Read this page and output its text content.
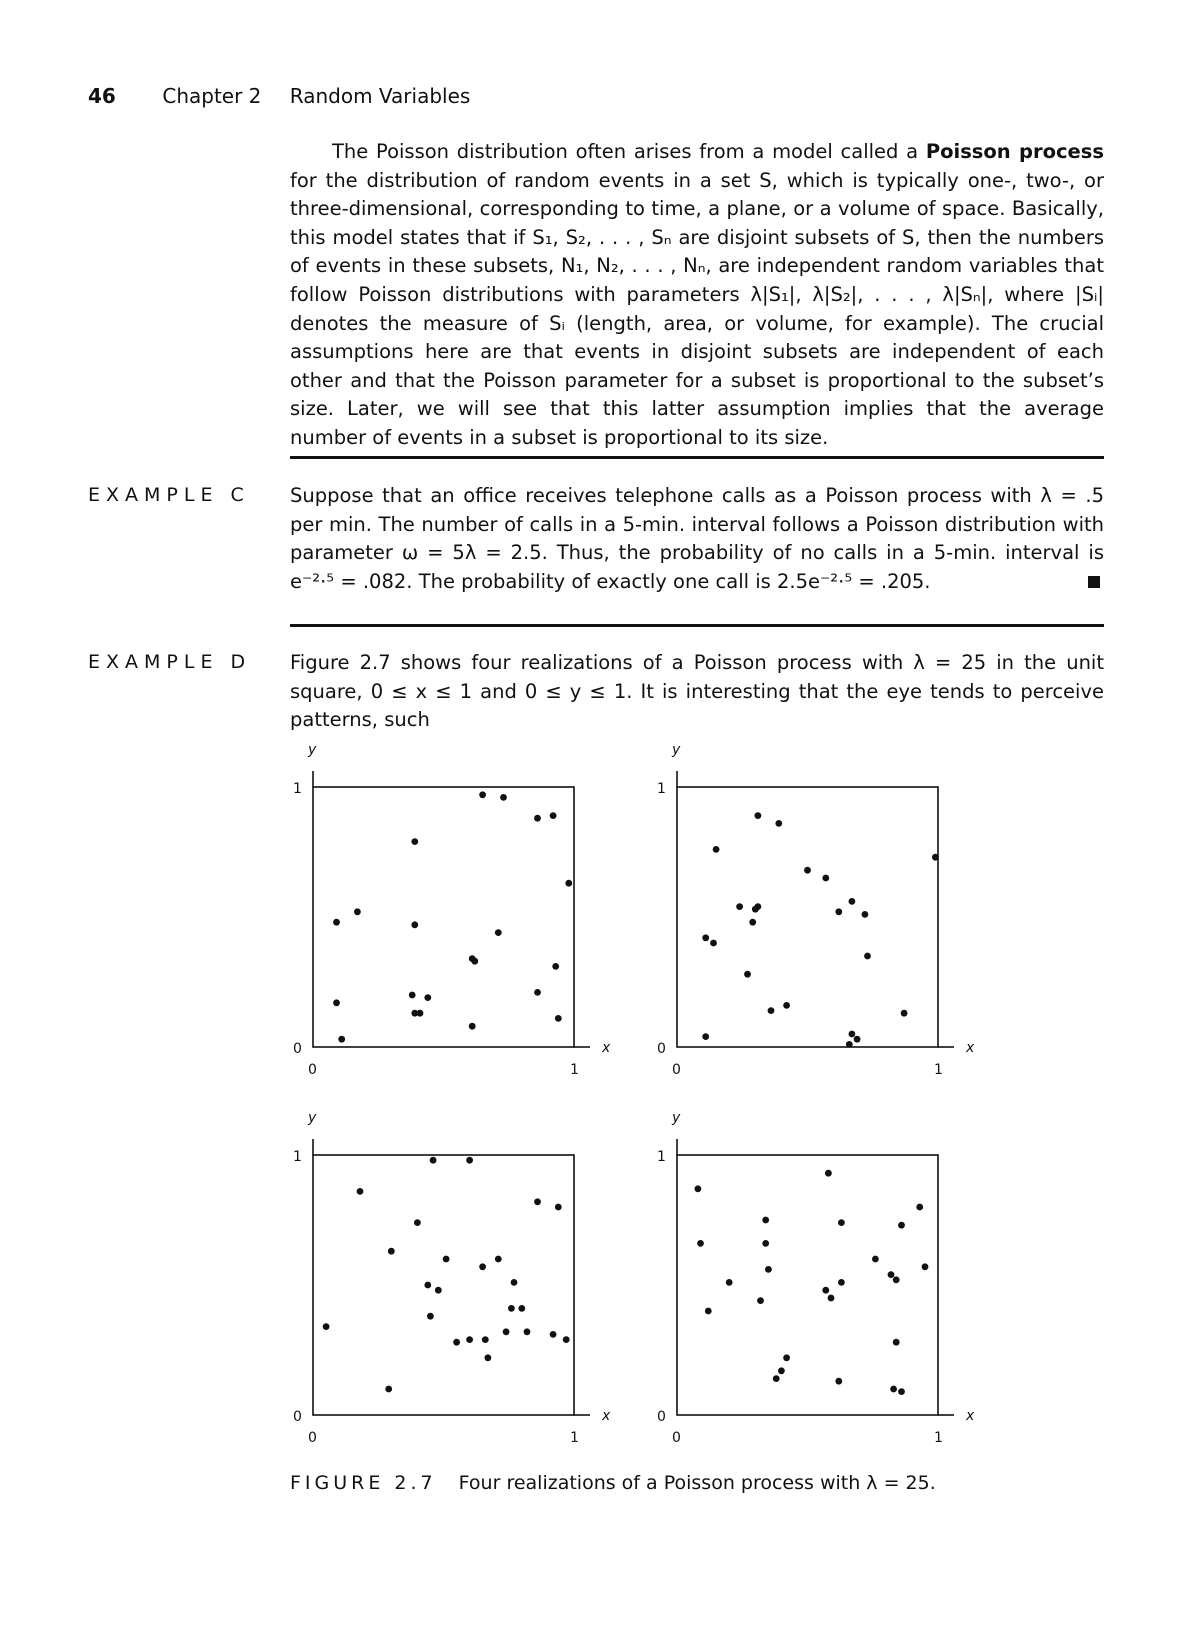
46 Chapter 2 Random Variables

The Poisson distribution often arises from a model called a Poisson process for the distribution of random events in a set S, which is typically one-, two-, or three-dimensional, corresponding to time, a plane, or a volume of space. Basically, this model states that if S₁, S₂, . . . , Sₙ are disjoint subsets of S, then the numbers of events in these subsets, N₁, N₂, . . . , Nₙ, are independent random variables that follow Poisson distributions with parameters λ|S₁|, λ|S₂|, . . . , λ|Sₙ|, where |Sᵢ| denotes the measure of Sᵢ (length, area, or volume, for example). The crucial assumptions here are that events in disjoint subsets are independent of each other and that the Poisson parameter for a subset is proportional to the subset’s size. Later, we will see that this latter assumption implies that the average number of events in a subset is proportional to its size.

EXAMPLE C Suppose that an office receives telephone calls as a Poisson process with λ = .5 per min. The number of calls in a 5-min. interval follows a Poisson distribution with parameter ω = 5λ = 2.5. Thus, the probability of no calls in a 5-min. interval is e⁻²·⁵ = .082. The probability of exactly one call is 2.5e⁻²·⁵ = .205.

EXAMPLE D Figure 2.7 shows four realizations of a Poisson process with λ = 25 in the unit square, 0 ≤ x ≤ 1 and 0 ≤ y ≤ 1. It is interesting that the eye tends to perceive patterns, such

0	1
0
1
x
y
0	1
0
1
x
y
0	1
0
1
x
y
0	1
0
1
x
y
FIGURE 2.7 Four realizations of a Poisson process with λ = 25.
